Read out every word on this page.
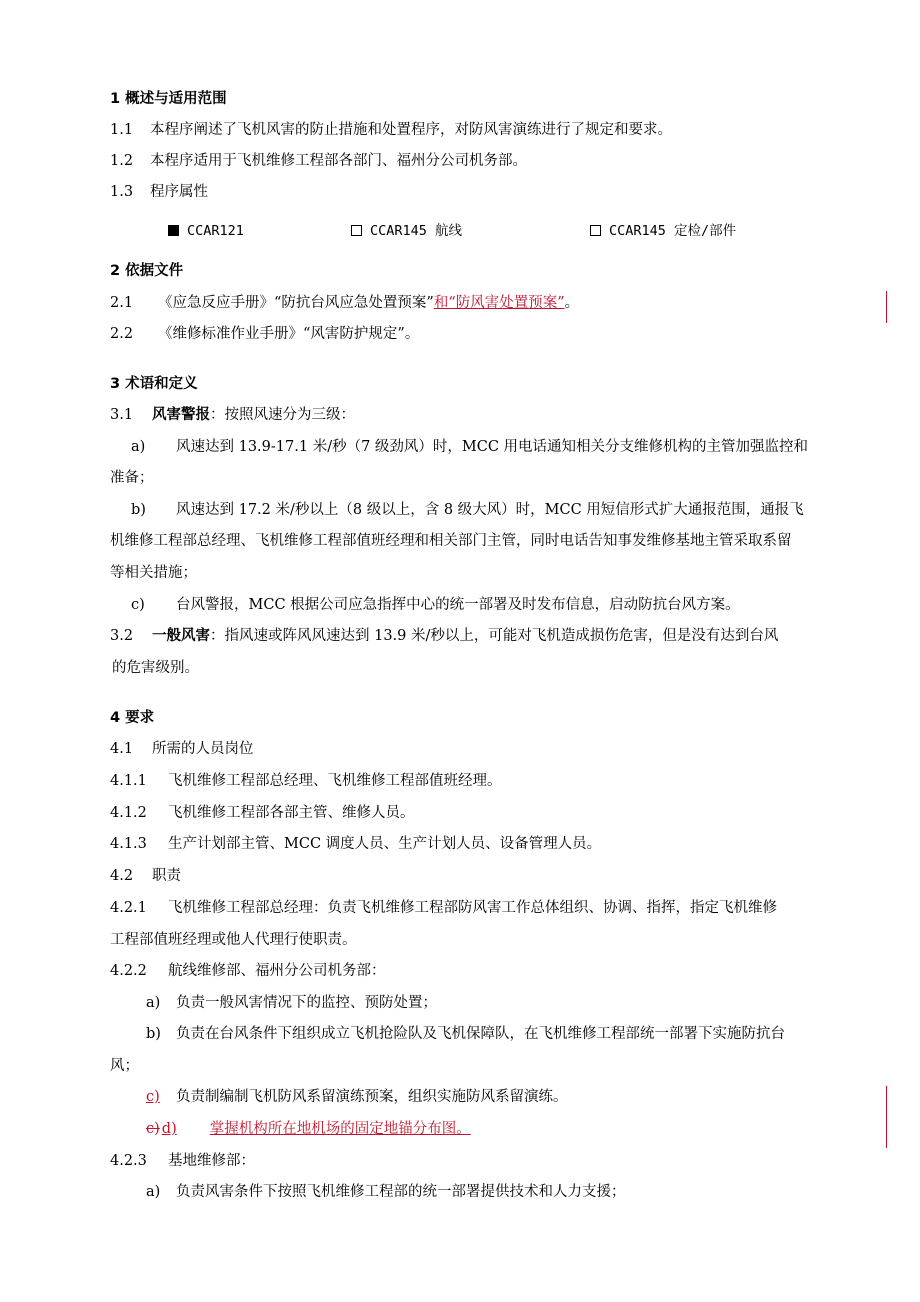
1 概述与适用范围
1.1 本程序阐述了飞机风害的防止措施和处置程序，对防风害演练进行了规定和要求。
1.2 本程序适用于飞机维修工程部各部门、福州分公司机务部。
1.3 程序属性
CCAR121	CCAR145 航线	CCAR145 定检/部件
2 依据文件
2.1 《应急反应手册》“防抗台风应急处置预案”和“防风害处置预案”。
2.2 《维修标准作业手册》“风害防护规定”。
3 术语和定义
3.1 风害警报：按照风速分为三级：
a) 风速达到 13.9-17.1 米/秒（7 级劲风）时，MCC 用电话通知相关分支维修机构的主管加强监控和
准备；
b) 风速达到 17.2 米/秒以上（8 级以上，含 8 级大风）时，MCC 用短信形式扩大通报范围，通报飞
机维修工程部总经理、飞机维修工程部值班经理和相关部门主管，同时电话告知事发维修基地主管采取系留
等相关措施；
c) 台风警报，MCC 根据公司应急指挥中心的统一部署及时发布信息，启动防抗台风方案。
3.2 一般风害：指风速或阵风风速达到 13.9 米/秒以上，可能对飞机造成损伤危害，但是没有达到台风
的危害级别。
4 要求
4.1 所需的人员岗位
4.1.1 飞机维修工程部总经理、飞机维修工程部值班经理。
4.1.2 飞机维修工程部各部主管、维修人员。
4.1.3 生产计划部主管、MCC 调度人员、生产计划人员、设备管理人员。
4.2 职责
4.2.1 飞机维修工程部总经理：负责飞机维修工程部防风害工作总体组织、协调、指挥，指定飞机维修
工程部值班经理或他人代理行使职责。
4.2.2 航线维修部、福州分公司机务部：
a) 负责一般风害情况下的监控、预防处置；
b) 负责在台风条件下组织成立飞机抢险队及飞机保障队，在飞机维修工程部统一部署下实施防抗台
风；
c) 负责制编制飞机防风系留演练预案，组织实施防风系留演练。
c) d) 掌握机构所在地机场的固定地锚分布图。
4.2.3 基地维修部：
a) 负责风害条件下按照飞机维修工程部的统一部署提供技术和人力支援；
